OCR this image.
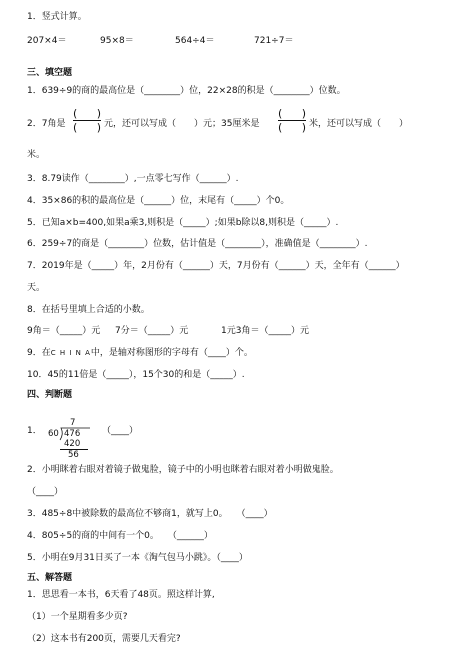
1．竖式计算。
207×4＝	95×8＝	564÷4＝	721÷7＝
三、填空题
1．639÷9的商的最高位是（________）位，22×28的积是（________）位数。
2．7角是
( )
( ) 元，还可以写成（　　）元；35厘米是
( )
( ) 米，还可以写成（　　）
米。
3．8.79读作（________）,一点零七写作（______）.
4．35×86的积的最高位是（______）位，末尾有（_____）个0。
5．已知a×b=400,如果a乘3,则积是（_____）;如果b除以8,则积是（_____）.
6．259÷7的商是（________）位数，估计值是（________），准确值是（________）.
7．2019年是（_____）年，2月份有（______）天，7月份有（______）天，全年有（______）
天。
8．在括号里填上合适的小数。
9角＝（_____）元 7分＝（_____）元	1元3角＝（_____）元
9．在C H I N A中，是轴对称图形的字母有（____）个。
10．45的11倍是（_____），15个30的和是（_____）.
四、判断题
1．
7
60 476
420
56
（____）
2．小明眯着右眼对着镜子做鬼脸，镜子中的小明也眯着右眼对着小明做鬼脸。
（____）
3．485÷8中被除数的最高位不够商1，就写上0。　　（____）
4．805÷5的商的中间有一个0。　　（______）
5．小明在9月31日买了一本《淘气包马小跳》。（____）
五、解答题
1．思思看一本书，6天看了48页。照这样计算,
（1）一个星期看多少页?
（2）这本书有200页，需要几天看完?
